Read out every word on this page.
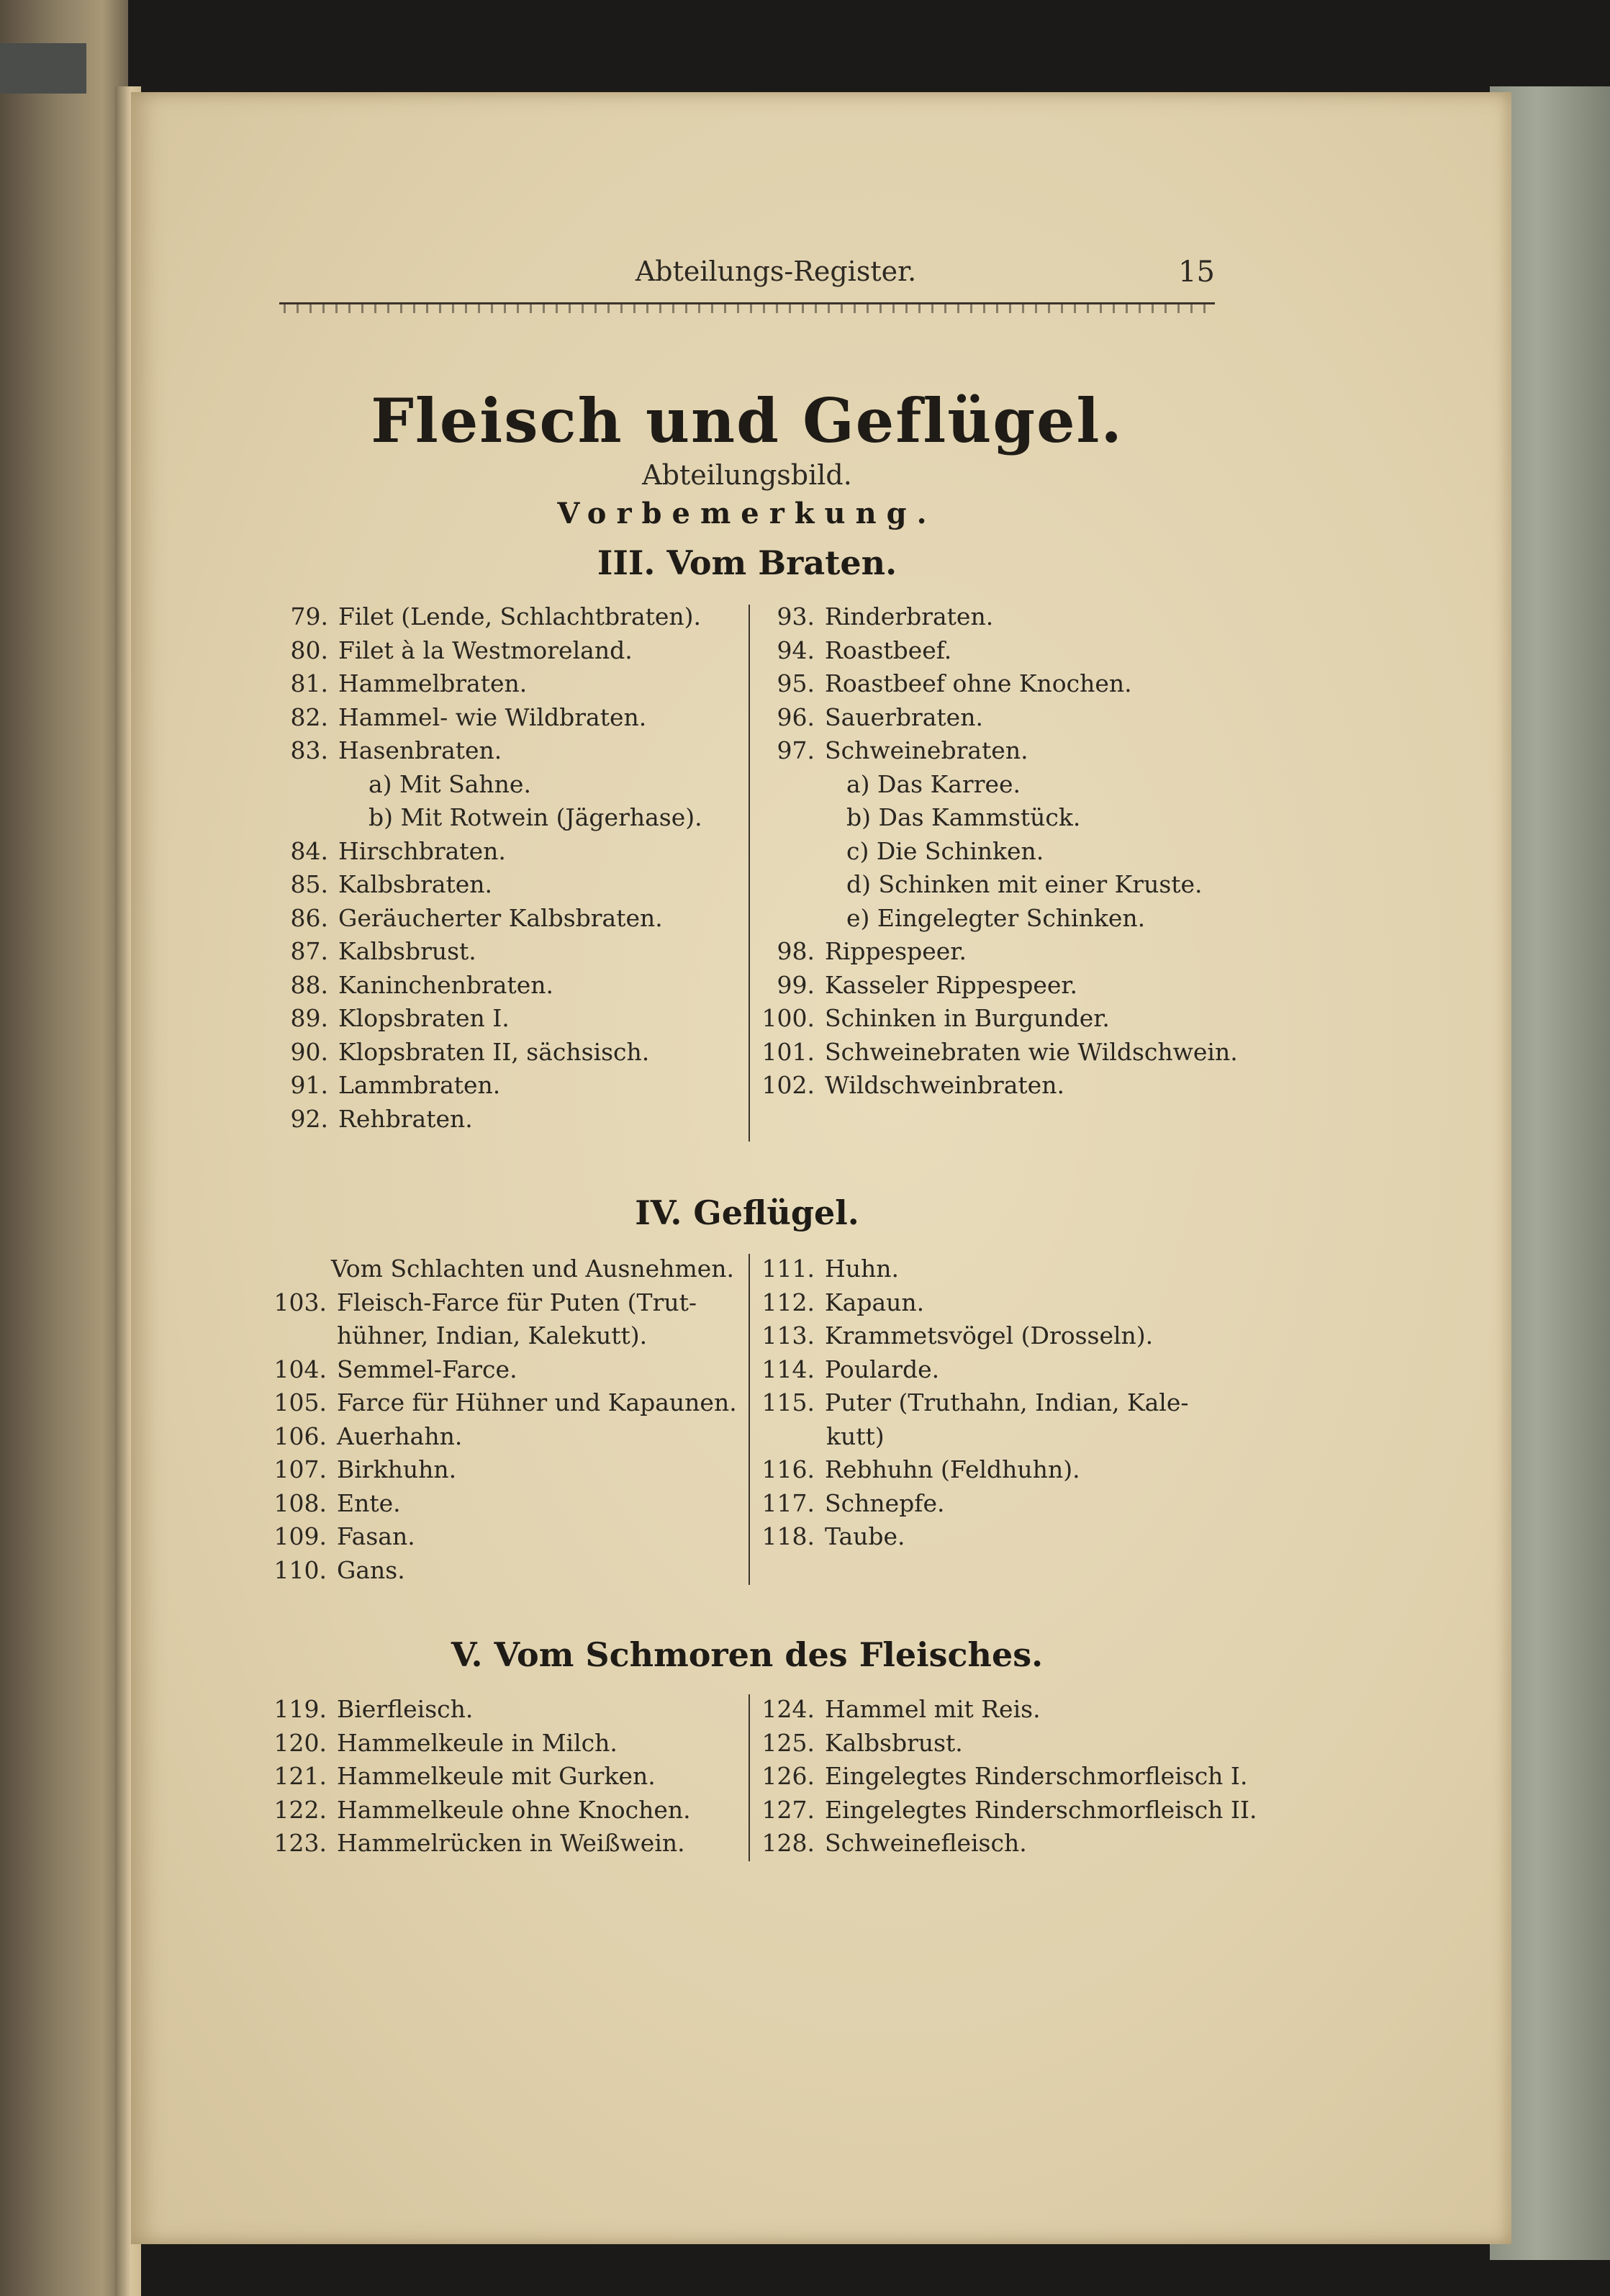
Abteilungs-Register.	15
Fleisch und Geflügel.
Abteilungsbild.
Vorbemerkung.
III. Vom Braten.
79. Filet (Lende, Schlachtbraten).
80. Filet à la Westmoreland.
81. Hammelbraten.
82. Hammel- wie Wildbraten.
83. Hasenbraten.
a) Mit Sahne.
b) Mit Rotwein (Jägerhase).
84. Hirschbraten.
85. Kalbsbraten.
86. Geräucherter Kalbsbraten.
87. Kalbsbrust.
88. Kaninchenbraten.
89. Klopsbraten I.
90. Klopsbraten II, sächsisch.
91. Lammbraten.
92. Rehbraten.
93. Rinderbraten.
94. Roastbeef.
95. Roastbeef ohne Knochen.
96. Sauerbraten.
97. Schweinebraten.
a) Das Karree.
b) Das Kammstück.
c) Die Schinken.
d) Schinken mit einer Kruste.
e) Eingelegter Schinken.
98. Rippespeer.
99. Kasseler Rippespeer.
100. Schinken in Burgunder.
101. Schweinebraten wie Wildschwein.
102. Wildschweinbraten.
IV. Geflügel.
Vom Schlachten und Ausnehmen.
103. Fleisch-Farce für Puten (Trut-
hühner, Indian, Kalekutt).
104. Semmel-Farce.
105. Farce für Hühner und Kapaunen.
106. Auerhahn.
107. Birkhuhn.
108. Ente.
109. Fasan.
110. Gans.
111. Huhn.
112. Kapaun.
113. Krammetsvögel (Drosseln).
114. Poularde.
115. Puter (Truthahn, Indian, Kale-
kutt)
116. Rebhuhn (Feldhuhn).
117. Schnepfe.
118. Taube.
V. Vom Schmoren des Fleisches.
119. Bierfleisch.
120. Hammelkeule in Milch.
121. Hammelkeule mit Gurken.
122. Hammelkeule ohne Knochen.
123. Hammelrücken in Weißwein.
124. Hammel mit Reis.
125. Kalbsbrust.
126. Eingelegtes Rinderschmorfleisch I.
127. Eingelegtes Rinderschmorfleisch II.
128. Schweinefleisch.
